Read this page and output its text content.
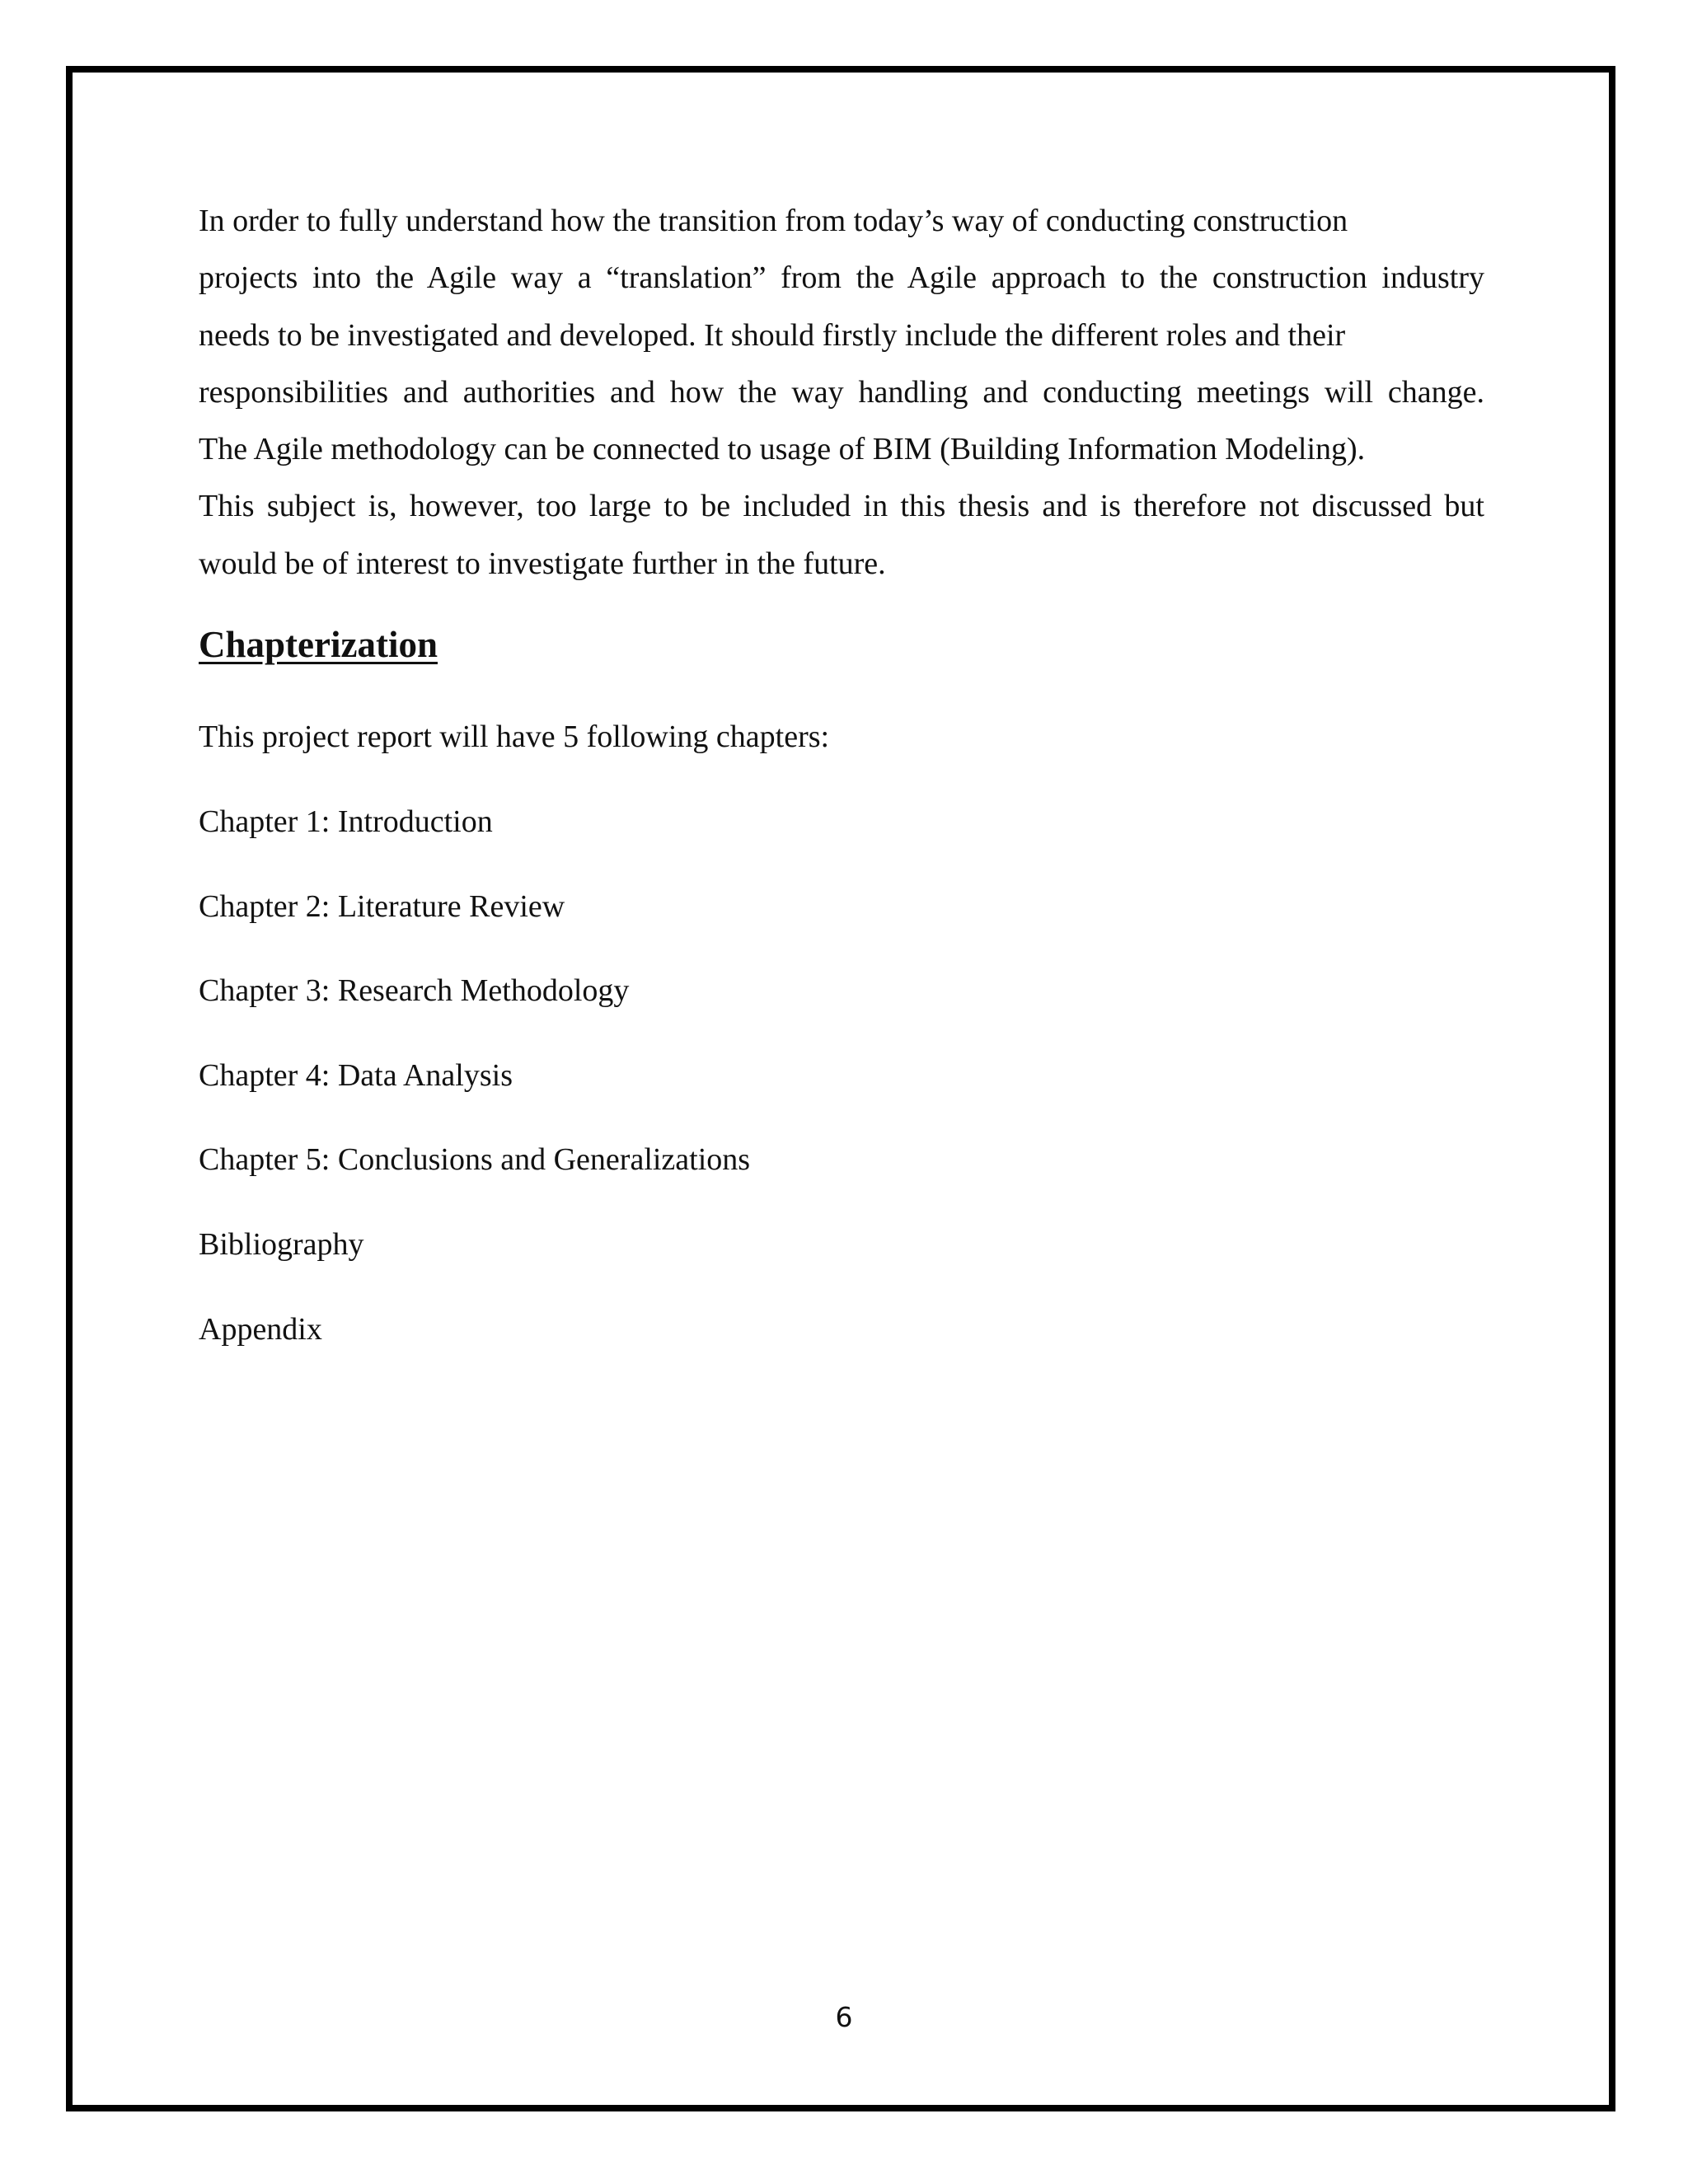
In order to fully understand how the transition from today’s way of conducting construction
projects into the Agile way a “translation” from the Agile approach to the construction industry
needs to be investigated and developed. It should firstly include the different roles and their
responsibilities and authorities and how the way handling and conducting meetings will change.
The Agile methodology can be connected to usage of BIM (Building Information Modeling).
This subject is, however, too large to be included in this thesis and is therefore not discussed but
would be of interest to investigate further in the future.

Chapterization

This project report will have 5 following chapters:

Chapter 1: Introduction
Chapter 2: Literature Review
Chapter 3: Research Methodology
Chapter 4: Data Analysis
Chapter 5: Conclusions and Generalizations
Bibliography
Appendix
6
